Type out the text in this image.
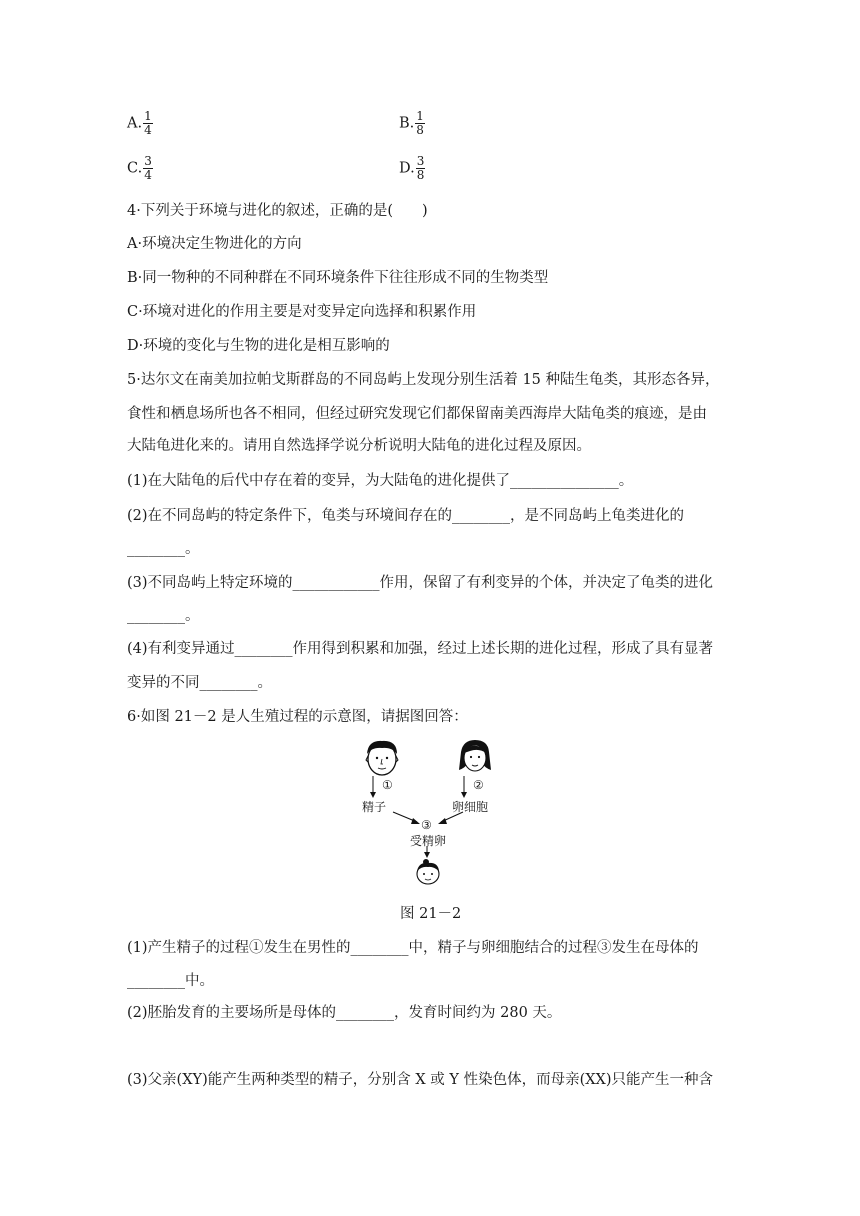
A. $\frac{1}{4}$	B. $\frac{1}{8}$
C. $\frac{3}{4}$	D. $\frac{3}{8}$
4·下列关于环境与进化的叙述，正确的是(　　)
A·环境决定生物进化的方向
B·同一物种的不同种群在不同环境条件下往往形成不同的生物类型
C·环境对进化的作用主要是对变异定向选择和积累作用
D·环境的变化与生物的进化是相互影响的
5·达尔文在南美加拉帕戈斯群岛的不同岛屿上发现分别生活着 15 种陆生龟类，其形态各异，
食性和栖息场所也各不相同，但经过研究发现它们都保留南美西海岸大陆龟类的痕迹，是由
大陆龟进化来的。请用自然选择学说分析说明大陆龟的进化过程及原因。
(1)在大陆龟的后代中存在着的变异，为大陆龟的进化提供了_______________。
(2)在不同岛屿的特定条件下，龟类与环境间存在的________，是不同岛屿上龟类进化的
________。
(3)不同岛屿上特定环境的____________作用，保留了有利变异的个体，并决定了龟类的进化
________。
(4)有利变异通过________作用得到积累和加强，经过上述长期的进化过程，形成了具有显著
变异的不同________。
6·如图 21－2 是人生殖过程的示意图，请据图回答：
①	②
精子	卵细胞
③
受精卵
图 21－2
(1)产生精子的过程①发生在男性的________中，精子与卵细胞结合的过程③发生在母体的
________中。
(2)胚胎发育的主要场所是母体的________，发育时间约为 280 天。
(3)父亲(XY)能产生两种类型的精子，分别含 X 或 Y 性染色体，而母亲(XX)只能产生一种含
